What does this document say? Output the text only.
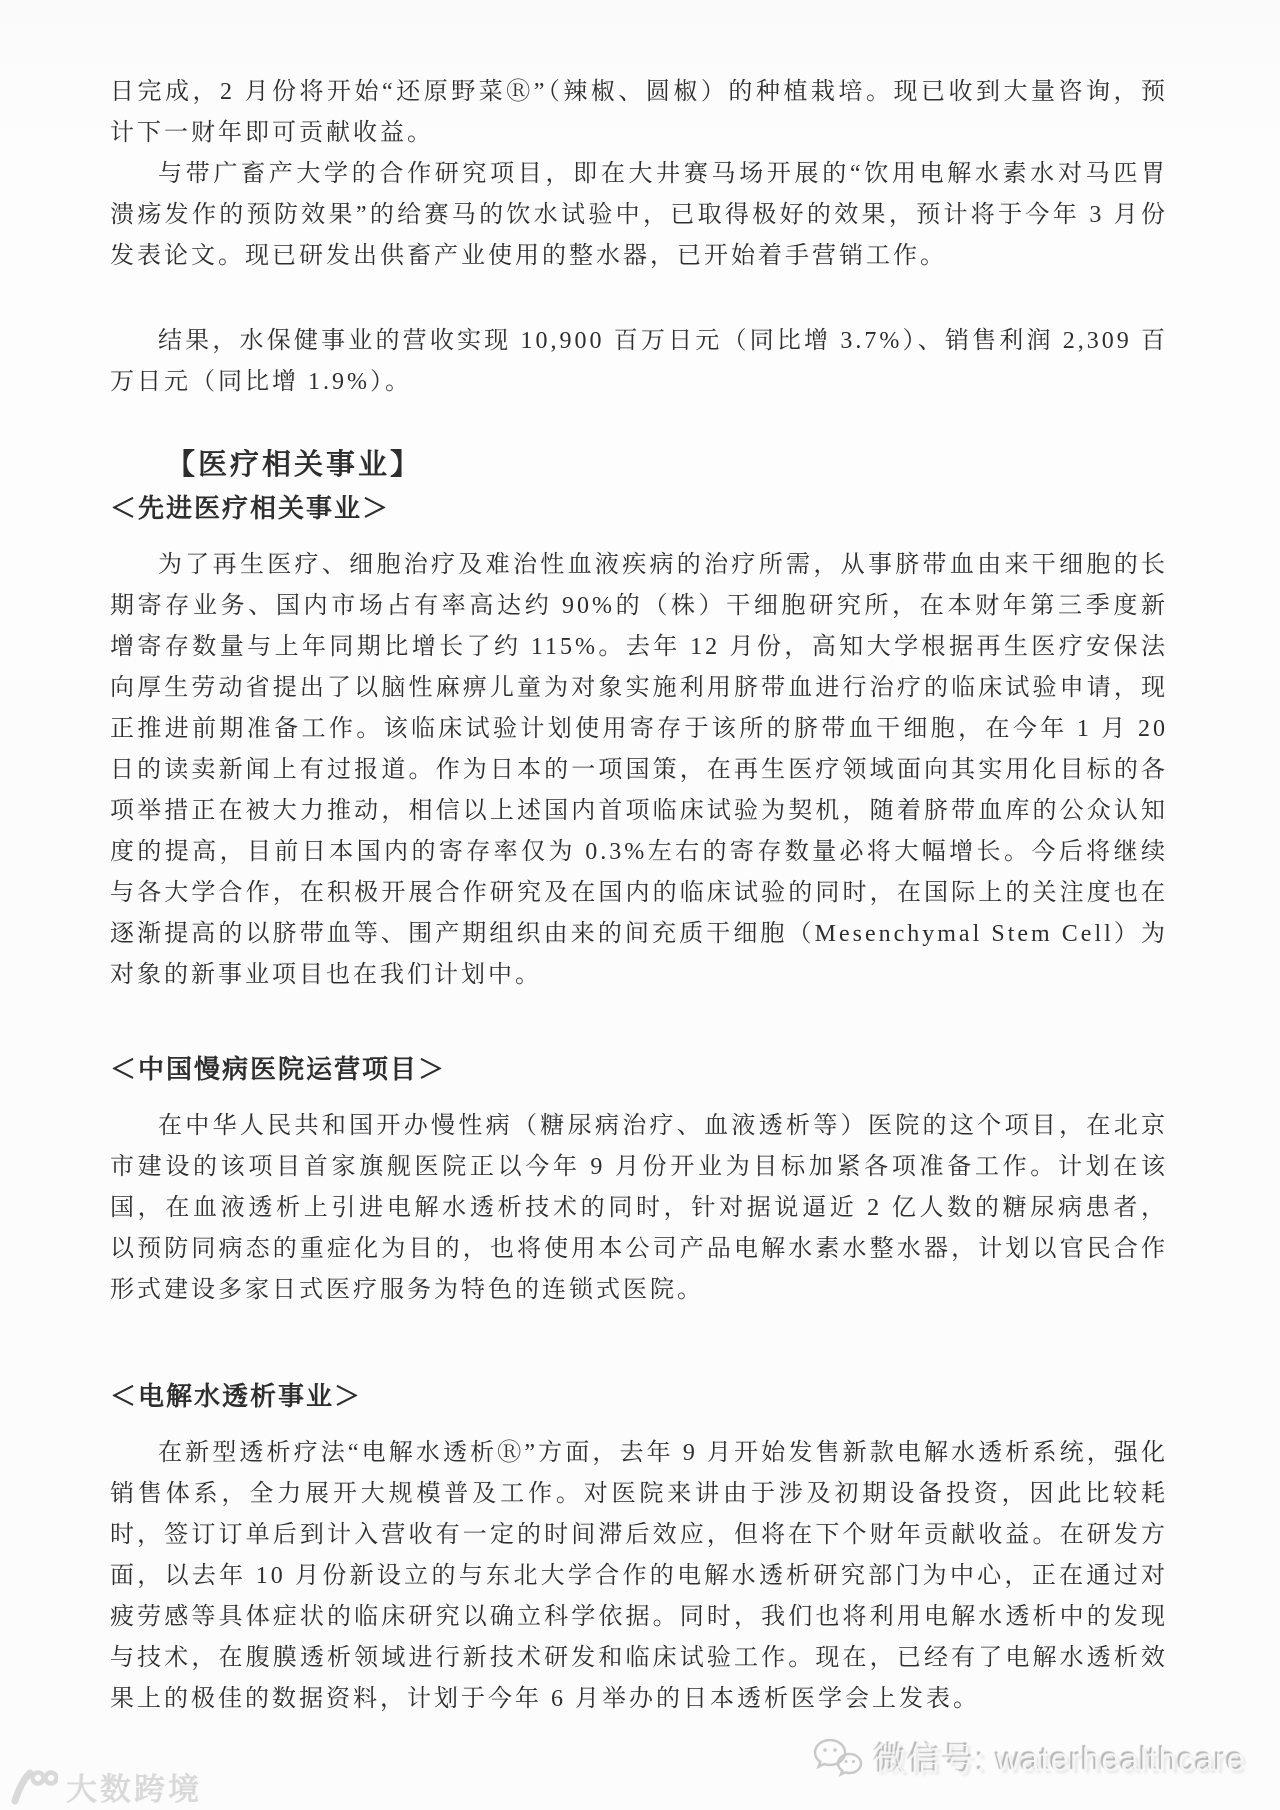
日完成，2 月份将开始“还原野菜Ⓡ”（辣椒、圆椒）的种植栽培。现已收到大量咨询，预计下一财年即可贡献收益。

与带广畜产大学的合作研究项目，即在大井赛马场开展的“饮用电解水素水对马匹胃溃疡发作的预防效果”的给赛马的饮水试验中，已取得极好的效果，预计将于今年 3 月份发表论文。现已研发出供畜产业使用的整水器，已开始着手营销工作。

结果，水保健事业的营收实现 10,900 百万日元（同比增 3.7%）、销售利润 2,309 百万日元（同比增 1.9%）。

【医疗相关事业】
＜先进医疗相关事业＞

为了再生医疗、细胞治疗及难治性血液疾病的治疗所需，从事脐带血由来干细胞的长期寄存业务、国内市场占有率高达约 90%的（株）干细胞研究所，在本财年第三季度新增寄存数量与上年同期比增长了约 115%。去年 12 月份，高知大学根据再生医疗安保法向厚生劳动省提出了以脑性麻痹儿童为对象实施利用脐带血进行治疗的临床试验申请，现正推进前期准备工作。该临床试验计划使用寄存于该所的脐带血干细胞，在今年 1 月 20 日的读卖新闻上有过报道。作为日本的一项国策，在再生医疗领域面向其实用化目标的各项举措正在被大力推动，相信以上述国内首项临床试验为契机，随着脐带血库的公众认知度的提高，目前日本国内的寄存率仅为 0.3%左右的寄存数量必将大幅增长。今后将继续与各大学合作，在积极开展合作研究及在国内的临床试验的同时，在国际上的关注度也在逐渐提高的以脐带血等、围产期组织由来的间充质干细胞（Mesenchymal Stem Cell）为对象的新事业项目也在我们计划中。

＜中国慢病医院运营项目＞

在中华人民共和国开办慢性病（糖尿病治疗、血液透析等）医院的这个项目，在北京市建设的该项目首家旗舰医院正以今年 9 月份开业为目标加紧各项准备工作。计划在该国，在血液透析上引进电解水透析技术的同时，针对据说逼近 2 亿人数的糖尿病患者，以预防同病态的重症化为目的，也将使用本公司产品电解水素水整水器，计划以官民合作形式建设多家日式医疗服务为特色的连锁式医院。

＜电解水透析事业＞

在新型透析疗法“电解水透析Ⓡ”方面，去年 9 月开始发售新款电解水透析系统，强化销售体系，全力展开大规模普及工作。对医院来讲由于涉及初期设备投资，因此比较耗时，签订订单后到计入营收有一定的时间滞后效应，但将在下个财年贡献收益。在研发方面，以去年 10 月份新设立的与东北大学合作的电解水透析研究部门为中心，正在通过对疲劳感等具体症状的临床研究以确立科学依据。同时，我们也将利用电解水透析中的发现与技术，在腹膜透析领域进行新技术研发和临床试验工作。现在，已经有了电解水透析效果上的极佳的数据资料，计划于今年 6 月举办的日本透析医学会上发表。

大数跨境
微信号: waterhealthcare
